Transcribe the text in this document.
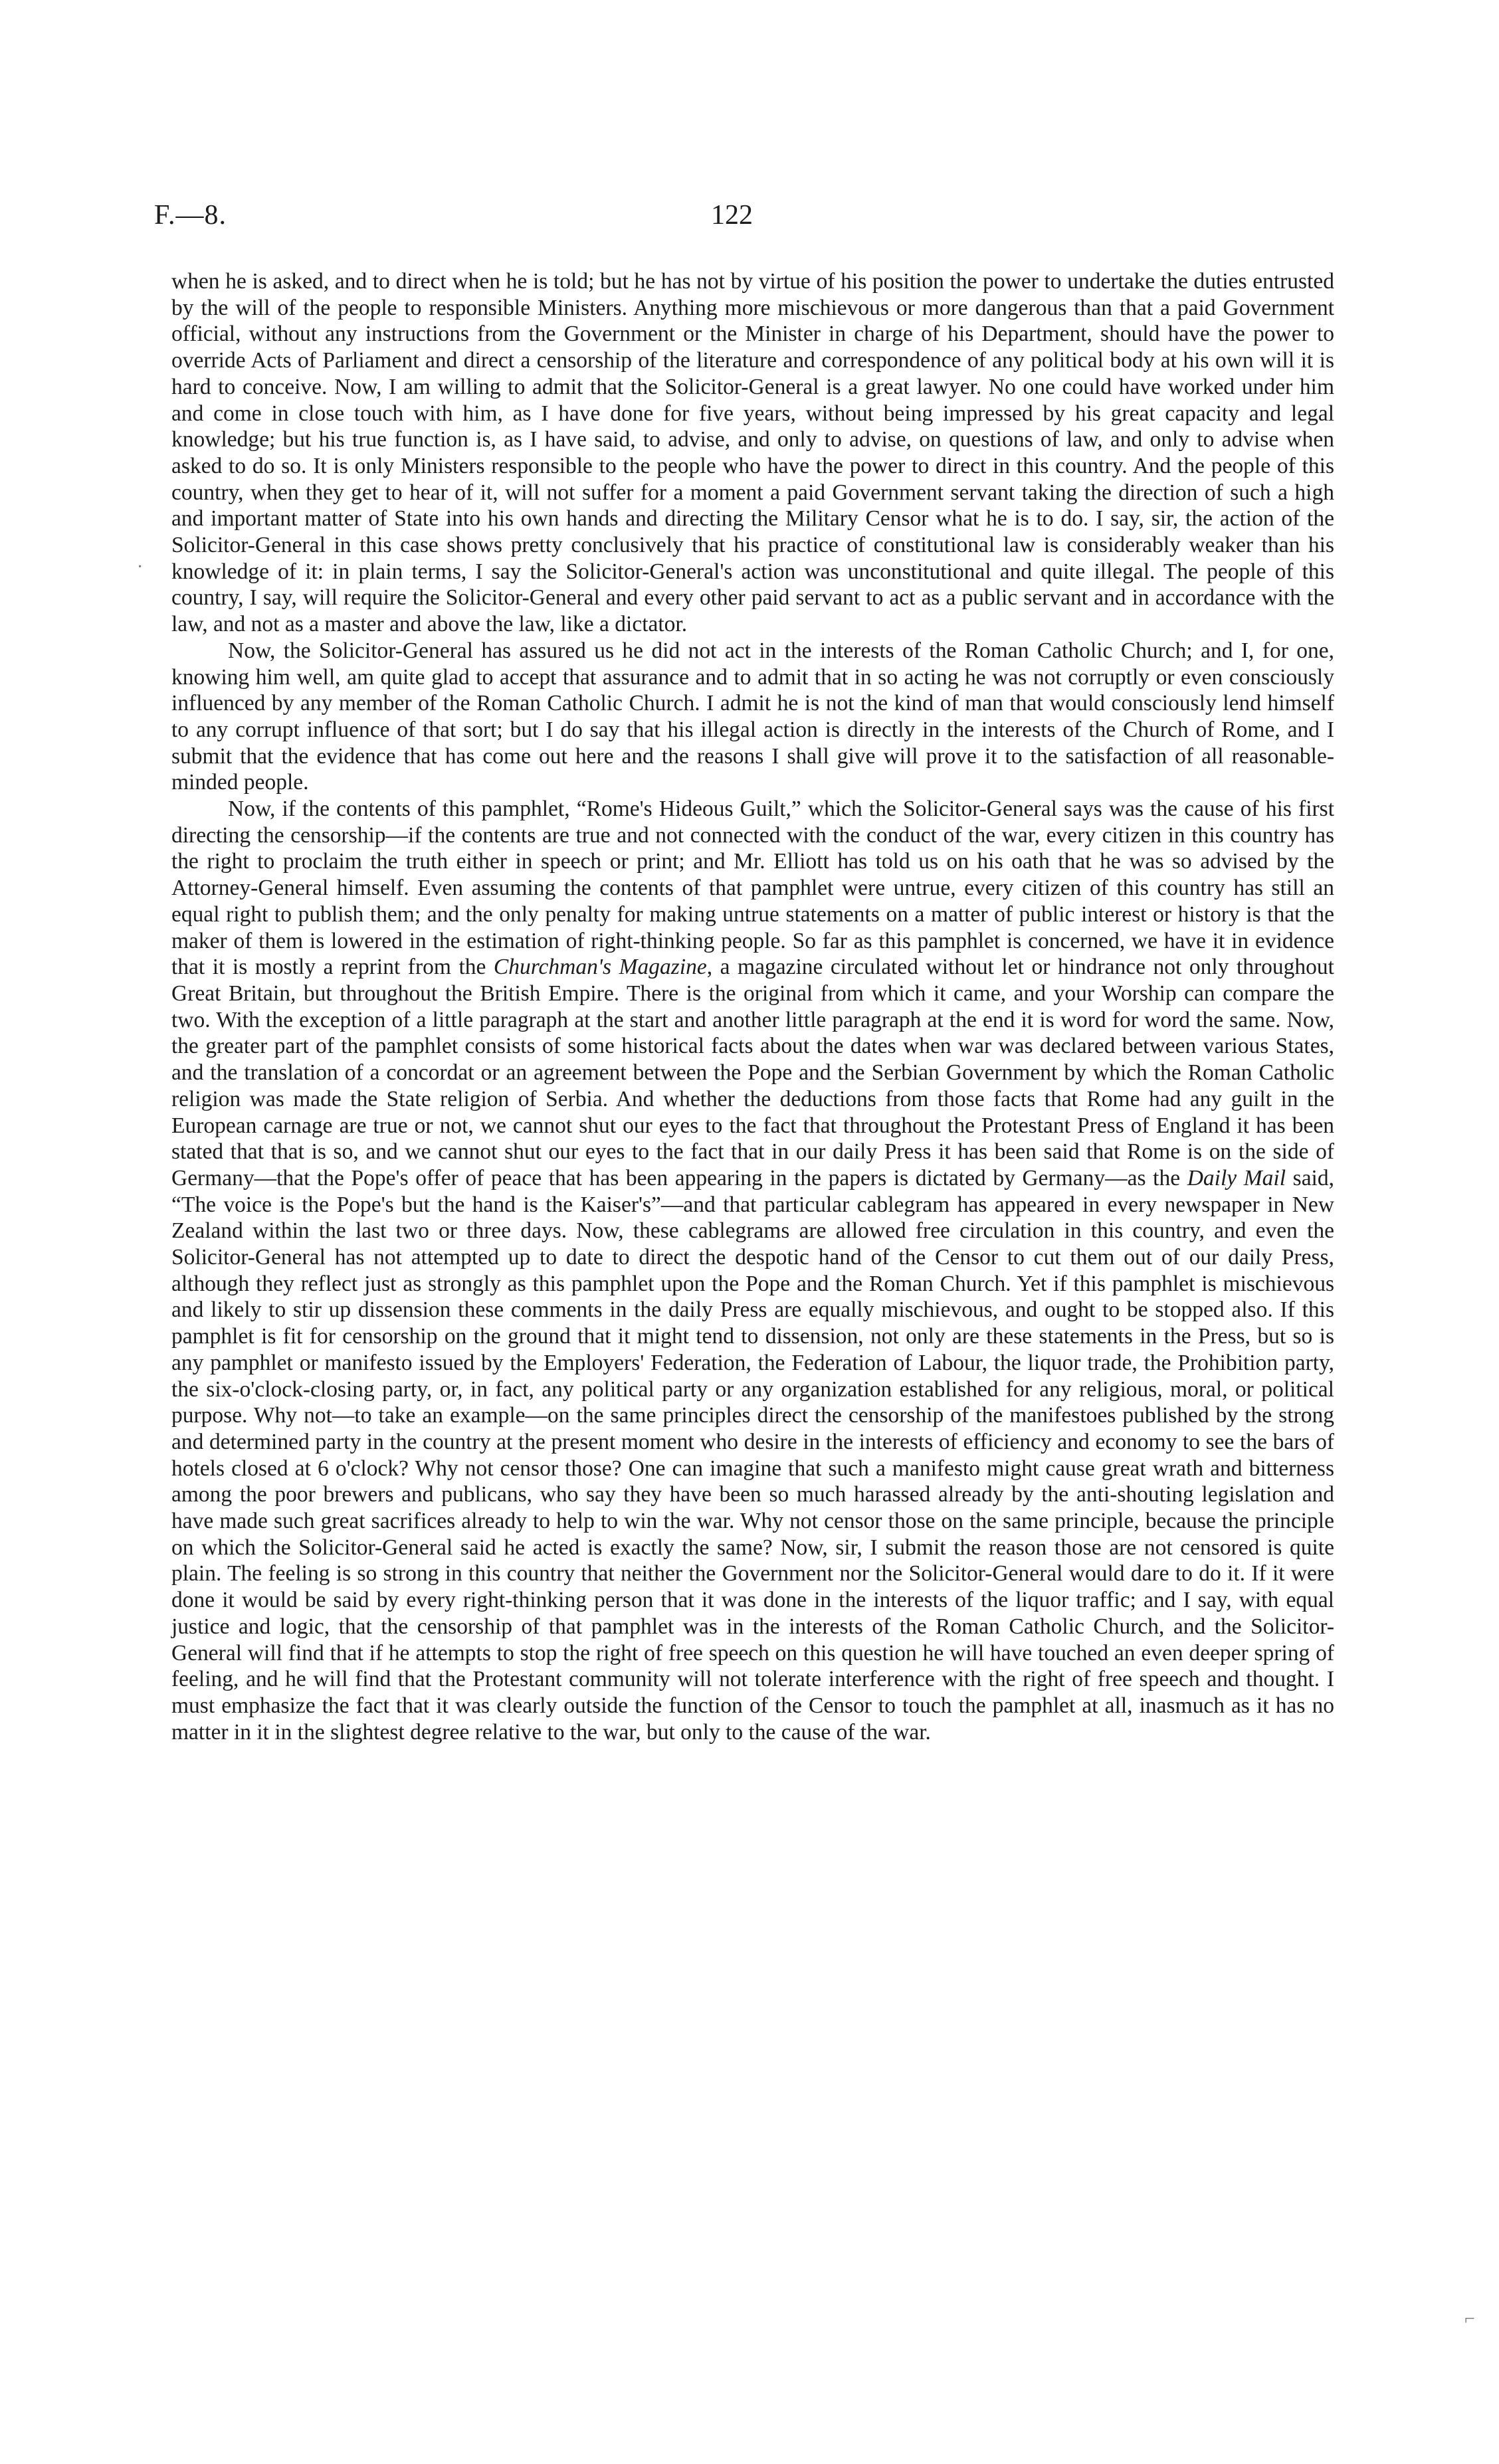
F.—8.	122
·
⌐

when he is asked, and to direct when he is told; but he has not by virtue of his position the power to undertake the duties entrusted by the will of the people to responsible Ministers. Anything more mischievous or more dangerous than that a paid Government official, without any instructions from the Government or the Minister in charge of his Department, should have the power to override Acts of Parliament and direct a censorship of the literature and correspondence of any political body at his own will it is hard to conceive. Now, I am willing to admit that the Solicitor-General is a great lawyer. No one could have worked under him and come in close touch with him, as I have done for five years, without being impressed by his great capacity and legal knowledge; but his true function is, as I have said, to advise, and only to advise, on questions of law, and only to advise when asked to do so. It is only Ministers responsible to the people who have the power to direct in this country. And the people of this country, when they get to hear of it, will not suffer for a moment a paid Government servant taking the direction of such a high and important matter of State into his own hands and directing the Military Censor what he is to do. I say, sir, the action of the Solicitor-General in this case shows pretty conclusively that his practice of constitutional law is considerably weaker than his knowledge of it: in plain terms, I say the Solicitor-General's action was unconstitutional and quite illegal. The people of this country, I say, will require the Solicitor-General and every other paid servant to act as a public servant and in accordance with the law, and not as a master and above the law, like a dictator.

Now, the Solicitor-General has assured us he did not act in the interests of the Roman Catholic Church; and I, for one, knowing him well, am quite glad to accept that assurance and to admit that in so acting he was not corruptly or even consciously influenced by any member of the Roman Catholic Church. I admit he is not the kind of man that would consciously lend himself to any corrupt influence of that sort; but I do say that his illegal action is directly in the interests of the Church of Rome, and I submit that the evidence that has come out here and the reasons I shall give will prove it to the satisfaction of all reasonable-minded people.

Now, if the contents of this pamphlet, “Rome's Hideous Guilt,” which the Solicitor-General says was the cause of his first directing the censorship—if the contents are true and not connected with the conduct of the war, every citizen in this country has the right to proclaim the truth either in speech or print; and Mr. Elliott has told us on his oath that he was so advised by the Attorney-General himself. Even assuming the contents of that pamphlet were untrue, every citizen of this country has still an equal right to publish them; and the only penalty for making untrue statements on a matter of public interest or history is that the maker of them is lowered in the estimation of right-thinking people. So far as this pamphlet is concerned, we have it in evidence that it is mostly a reprint from the Churchman's Magazine, a magazine circulated without let or hindrance not only throughout Great Britain, but throughout the British Empire. There is the original from which it came, and your Worship can compare the two. With the exception of a little paragraph at the start and another little paragraph at the end it is word for word the same. Now, the greater part of the pamphlet consists of some historical facts about the dates when war was declared between various States, and the translation of a concordat or an agreement between the Pope and the Serbian Government by which the Roman Catholic religion was made the State religion of Serbia. And whether the deductions from those facts that Rome had any guilt in the European carnage are true or not, we cannot shut our eyes to the fact that throughout the Protestant Press of England it has been stated that that is so, and we cannot shut our eyes to the fact that in our daily Press it has been said that Rome is on the side of Germany—that the Pope's offer of peace that has been appearing in the papers is dictated by Germany—as the Daily Mail said, “The voice is the Pope's but the hand is the Kaiser's”—and that particular cablegram has appeared in every newspaper in New Zealand within the last two or three days. Now, these cablegrams are allowed free circulation in this country, and even the Solicitor-General has not attempted up to date to direct the despotic hand of the Censor to cut them out of our daily Press, although they reflect just as strongly as this pamphlet upon the Pope and the Roman Church. Yet if this pamphlet is mischievous and likely to stir up dissension these comments in the daily Press are equally mischievous, and ought to be stopped also. If this pamphlet is fit for censorship on the ground that it might tend to dissension, not only are these statements in the Press, but so is any pamphlet or manifesto issued by the Employers' Federation, the Federation of Labour, the liquor trade, the Prohibition party, the six-o'clock-closing party, or, in fact, any political party or any organization established for any religious, moral, or political purpose. Why not—to take an example—on the same principles direct the censorship of the manifestoes published by the strong and determined party in the country at the present moment who desire in the interests of efficiency and economy to see the bars of hotels closed at 6 o'clock? Why not censor those? One can imagine that such a manifesto might cause great wrath and bitterness among the poor brewers and publicans, who say they have been so much harassed already by the anti-shouting legislation and have made such great sacrifices already to help to win the war. Why not censor those on the same principle, because the principle on which the Solicitor-General said he acted is exactly the same? Now, sir, I submit the reason those are not censored is quite plain. The feeling is so strong in this country that neither the Government nor the Solicitor-General would dare to do it. If it were done it would be said by every right-thinking person that it was done in the interests of the liquor traffic; and I say, with equal justice and logic, that the censorship of that pamphlet was in the interests of the Roman Catholic Church, and the Solicitor-General will find that if he attempts to stop the right of free speech on this question he will have touched an even deeper spring of feeling, and he will find that the Protestant community will not tolerate interference with the right of free speech and thought. I must emphasize the fact that it was clearly outside the function of the Censor to touch the pamphlet at all, inasmuch as it has no matter in it in the slightest degree relative to the war, but only to the cause of the war.
